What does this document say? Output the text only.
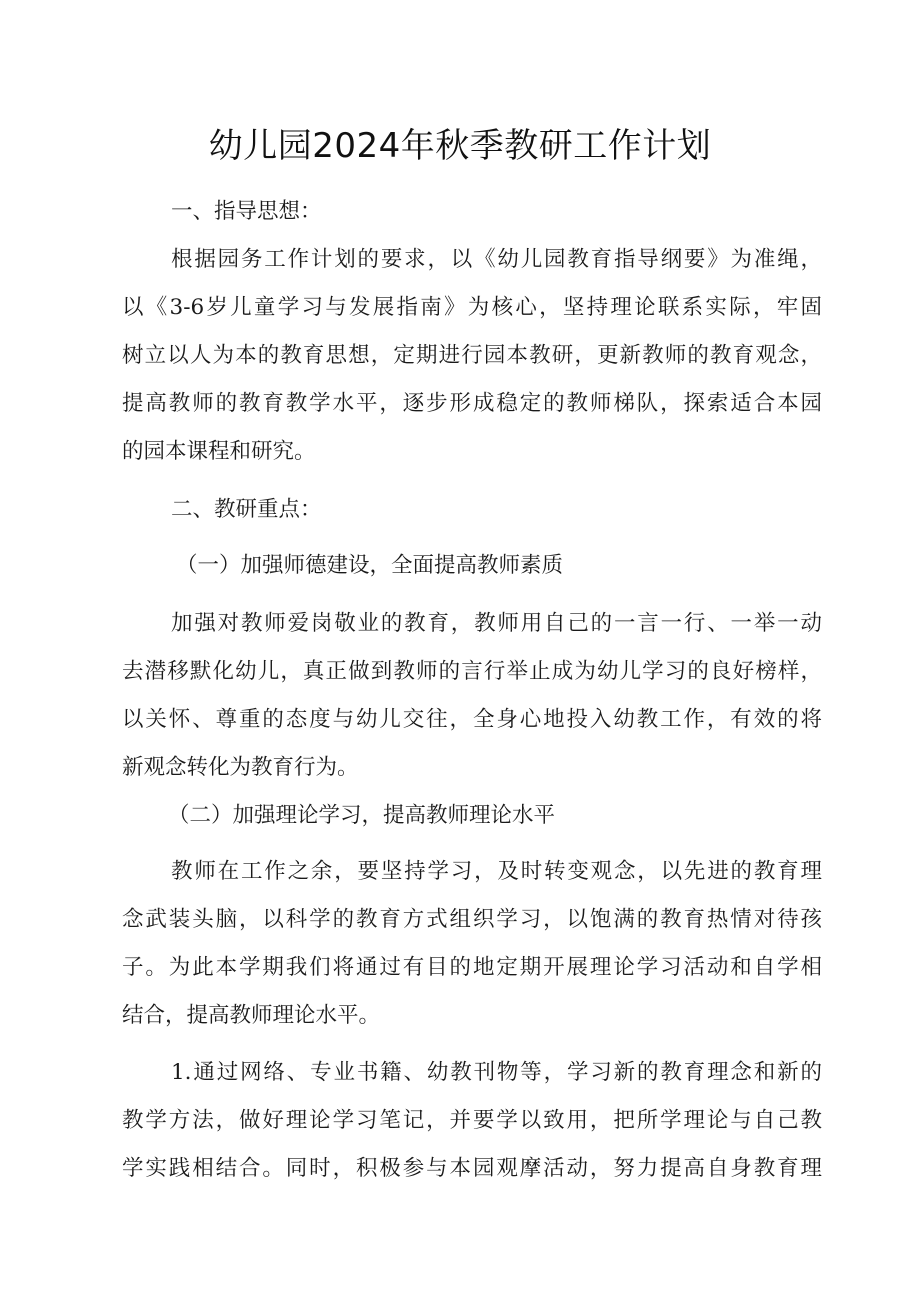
幼儿园2024年秋季教研工作计划
一、指导思想：
根据园务工作计划的要求，以《幼儿园教育指导纲要》为准绳，
以《3-6岁儿童学习与发展指南》为核心，坚持理论联系实际，牢固
树立以人为本的教育思想，定期进行园本教研，更新教师的教育观念，
提高教师的教育教学水平，逐步形成稳定的教师梯队，探索适合本园
的园本课程和研究。
二、教研重点：
（一）加强师德建设，全面提高教师素质
加强对教师爱岗敬业的教育，教师用自己的一言一行、一举一动
去潜移默化幼儿，真正做到教师的言行举止成为幼儿学习的良好榜样，
以关怀、尊重的态度与幼儿交往，全身心地投入幼教工作，有效的将
新观念转化为教育行为。
（二）加强理论学习，提高教师理论水平
教师在工作之余，要坚持学习，及时转变观念，以先进的教育理
念武装头脑，以科学的教育方式组织学习，以饱满的教育热情对待孩
子。为此本学期我们将通过有目的地定期开展理论学习活动和自学相
结合，提高教师理论水平。
1.通过网络、专业书籍、幼教刊物等，学习新的教育理念和新的
教学方法，做好理论学习笔记，并要学以致用，把所学理论与自己教
学实践相结合。同时，积极参与本园观摩活动，努力提高自身教育理
